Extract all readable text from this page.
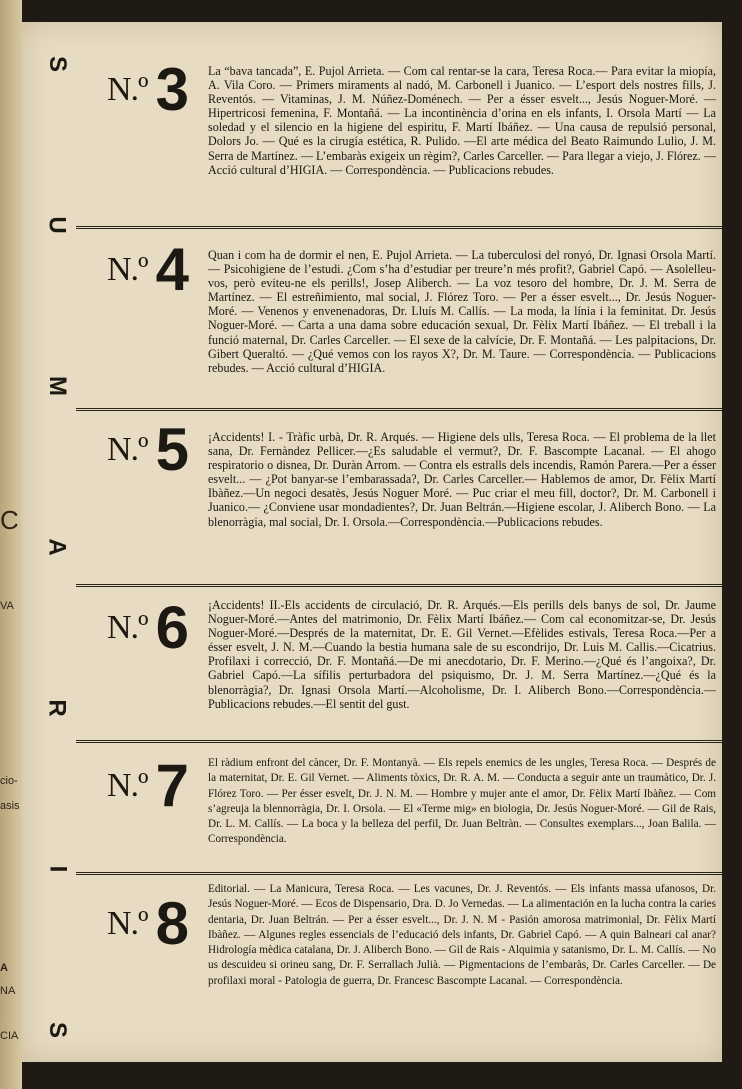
C
VA
cio-
asis
A
NA
CIA
S
U
M
A
R
I
S
N.º 3 La “bava tancada”, E. Pujol Arrieta. — Com cal rentar-se la cara, Teresa Roca.— Para evitar la miopía, A. Vila Coro. — Primers miraments al nadó, M. Carbonell i Juanico. — L’esport dels nostres fills, J. Reventós. — Vitaminas, J. M. Núñez-Doménech. — Per a ésser esvelt..., Jesús Noguer-Moré. — Hipertricosi femenina, F. Montañá. — La incontinència d’orina en els infants, I. Orsola Martí — La soledad y el silencio en la higiene del espiritu, F. Martí Ibáñez. — Una causa de repulsió personal, Dolors Jo. — Qué es la cirugía estética, R. Pulido. —El arte médica del Beato Raimundo Lulio, J. M. Serra de Martínez. — L’embaràs exigeix un règim?, Carles Carceller. — Para llegar a viejo, J. Flórez. — Acció cultural d’HIGIA. — Correspondència. — Publicacions rebudes.
N.º 4 Quan i com ha de dormir el nen, E. Pujol Arrieta. — La tuberculosi del ronyó, Dr. Ignasi Orsola Martí. — Psicohigiene de l’estudi. ¿Com s’ha d’estudiar per treure’n més profit?, Gabriel Capó. — Asolelleu-vos, però eviteu-ne els perills!, Josep Aliberch. — La voz tesoro del hombre, Dr. J. M. Serra de Martínez. — El estreñimiento, mal social, J. Flórez Toro. — Per a ésser esvelt..., Dr. Jesús Noguer-Moré. — Venenos y envenenadoras, Dr. Lluís M. Callís. — La moda, la línia i la feminitat. Dr. Jesús Noguer-Moré. — Carta a una dama sobre educación sexual, Dr. Fèlix Martí Ibáñez. — El treball i la funció maternal, Dr. Carles Carceller. — El sexe de la calvície, Dr. F. Montañá. — Les palpitacions, Dr. Gibert Queraltó. — ¿Qué vemos con los rayos X?, Dr. M. Taure. — Correspondència. — Publicacions rebudes. — Acció cultural d’HIGIA.
N.º 5 ¡Accidents! I. - Tràfic urbà, Dr. R. Arqués. — Higiene dels ulls, Teresa Roca. — El problema de la llet sana, Dr. Fernàndez Pellicer.—¿Es saludable el vermut?, Dr. F. Bascompte Lacanal. — El ahogo respiratorio o disnea, Dr. Duràn Arrom. — Contra els estralls dels incendis, Ramón Parera.—Per a ésser esvelt... — ¿Pot banyar-se l’embarassada?, Dr. Carles Carceller.— Hablemos de amor, Dr. Fèlix Martí Ibàñez.—Un negoci desatès, Jesús Noguer Moré. — Puc criar el meu fill, doctor?, Dr. M. Carbonell i Juanico.— ¿Conviene usar mondadientes?, Dr. Juan Beltrán.—Higiene escolar, J. Aliberch Bono. — La blenorràgia, mal social, Dr. I. Orsola.—Correspondència.—Publicacions rebudes.
N.º 6 ¡Accidents! II.-Els accidents de circulació, Dr. R. Arqués.—Els perills dels banys de sol, Dr. Jaume Noguer-Moré.—Antes del matrimonio, Dr. Fèlix Martí Ibáñez.— Com cal economitzar-se, Dr. Jesús Noguer-Moré.—Després de la maternitat, Dr. E. Gil Vernet.—Efèlides estivals, Teresa Roca.—Per a ésser esvelt, J. N. M.—Cuando la bestia humana sale de su escondrijo, Dr. Luis M. Callis.—Cicatrius. Profilaxi i correcció, Dr. F. Montañá.—De mi anecdotario, Dr. F. Merino.—¿Qué és l’angoixa?, Dr. Gabriel Capó.—La sífilis perturbadora del psiquismo, Dr. J. M. Serra Martínez.—¿Qué és la blenorràgia?, Dr. Ignasi Orsola Martí.—Alcoholisme, Dr. I. Aliberch Bono.—Correspondència.—Publicacions rebudes.—El sentit del gust.
N.º 7 El ràdium enfront del càncer, Dr. F. Montanyà. — Els repels enemics de les ungles, Teresa Roca. — Després de la maternitat, Dr. E. Gil Vernet. — Aliments tòxics, Dr. R. A. M. — Conducta a seguir ante un traumàtico, Dr. J. Flórez Toro. — Per ésser esvelt, Dr. J. N. M. — Hombre y mujer ante el amor, Dr. Fèlix Martí Ibàñez. — Com s’agreuja la blennorràgia, Dr. I. Orsola. — El «Terme mig» en biologia, Dr. Jesús Noguer-Moré. — Gil de Rais, Dr. L. M. Callís. — La boca y la belleza del perfil, Dr. Juan Beltràn. — Consultes exemplars..., Joan Balila. — Correspondència.
N.º 8
Editorial. — La Manicura, Teresa Roca. — Les vacunes, Dr. J. Reventós. — Els infants massa ufanosos, Dr. Jesús Noguer-Moré. — Ecos de Dispensario, Dra. D. Jo Vernedas. — La alimentación en la lucha contra la caries dentaria, Dr. Juan Beltrán. — Per a ésser esvelt..., Dr. J. N. M - Pasión amorosa matrimonial, Dr. Fèlix Martí Ibàñez. — Algunes regles essencials de l’educació dels infants, Dr. Gabriel Capó. — A quin Balneari cal anar? Hidrología mèdica catalana, Dr. J. Aliberch Bono. — Gil de Rais - Alquimia y satanismo, Dr. L. M. Callís. — No us descuideu si orineu sang, Dr. F. Serrallach Julià. — Pigmentacions de l’embaràs, Dr. Carles Carceller. — De profilaxi moral - Patologia de guerra, Dr. Francesc Bascompte Lacanal. — Correspondència.
